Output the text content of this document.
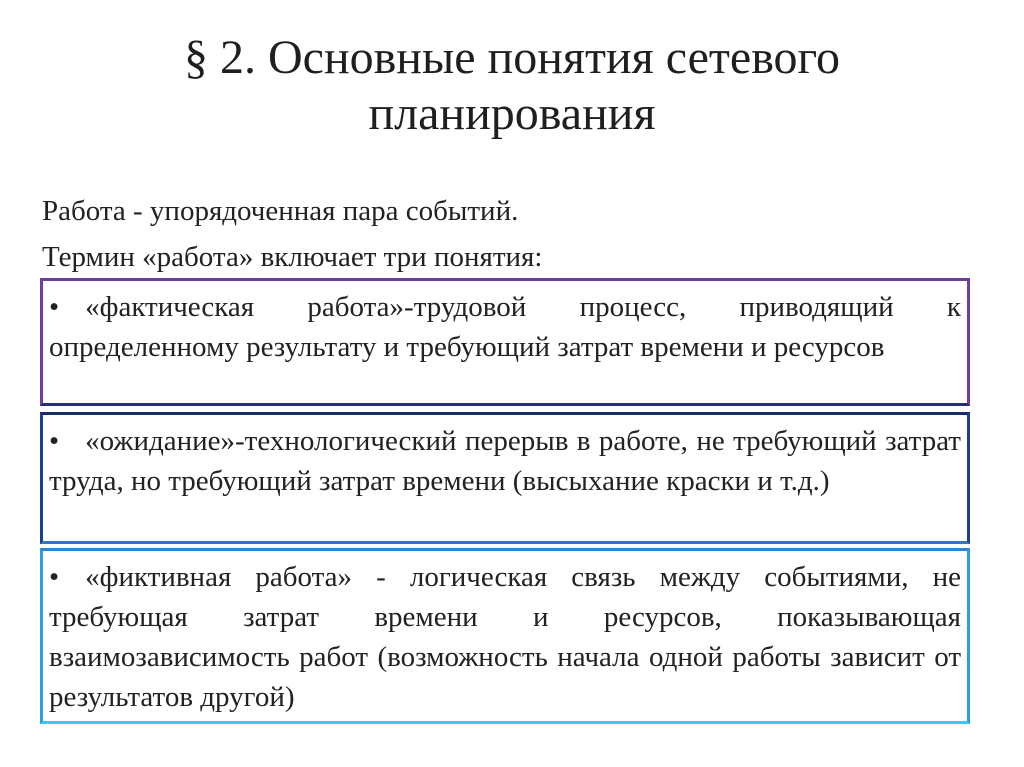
§ 2. Основные понятия сетевого
планирования
Работа - упорядоченная пара событий.
Термин «работа» включает три понятия:

• «фактическая работа»-трудовой процесс, приводящий к определенному результату и требующий затрат времени и ресурсов

• «ожидание»-технологический перерыв в работе, не требующий затрат труда, но требующий затрат времени (высыхание краски и т.д.)

• «фиктивная работа» - логическая связь между событиями, не требующая затрат времени и ресурсов, показывающая взаимозависимость работ (возможность начала одной работы зависит от результатов другой)
